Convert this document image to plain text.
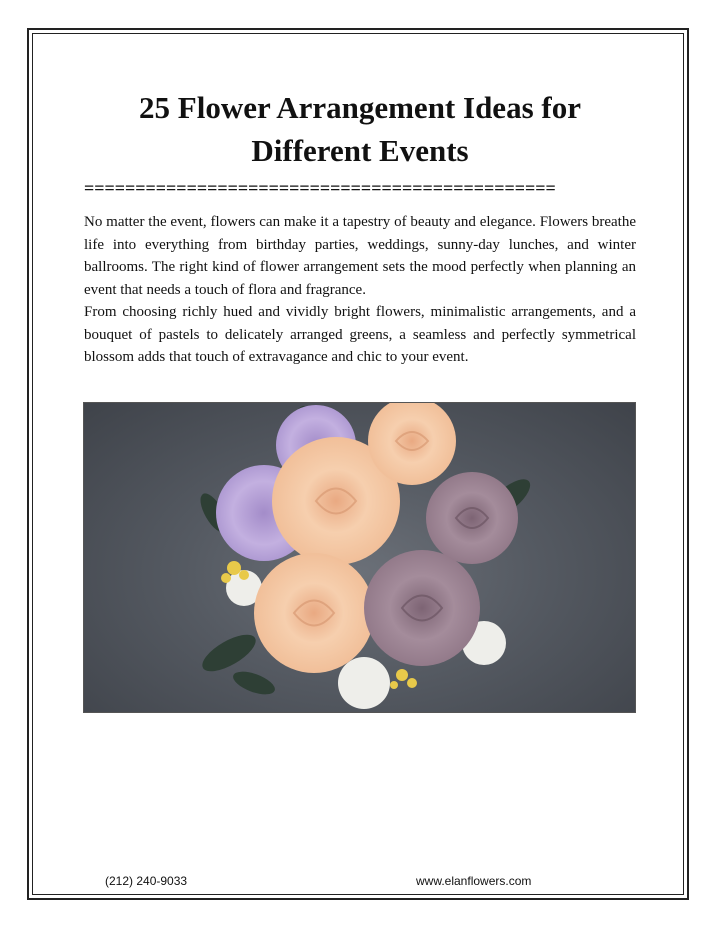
25 Flower Arrangement Ideas for Different Events
==============================================

No matter the event, flowers can make it a tapestry of beauty and elegance. Flowers breathe life into everything from birthday parties, weddings, sunny-day lunches, and winter ballrooms. The right kind of flower arrangement sets the mood perfectly when planning an event that needs a touch of flora and fragrance.

From choosing richly hued and vividly bright flowers, minimalistic arrangements, and a bouquet of pastels to delicately arranged greens, a seamless and perfectly symmetrical blossom adds that touch of extravagance and chic to your event.

(212) 240-9033	www.elanflowers.com
